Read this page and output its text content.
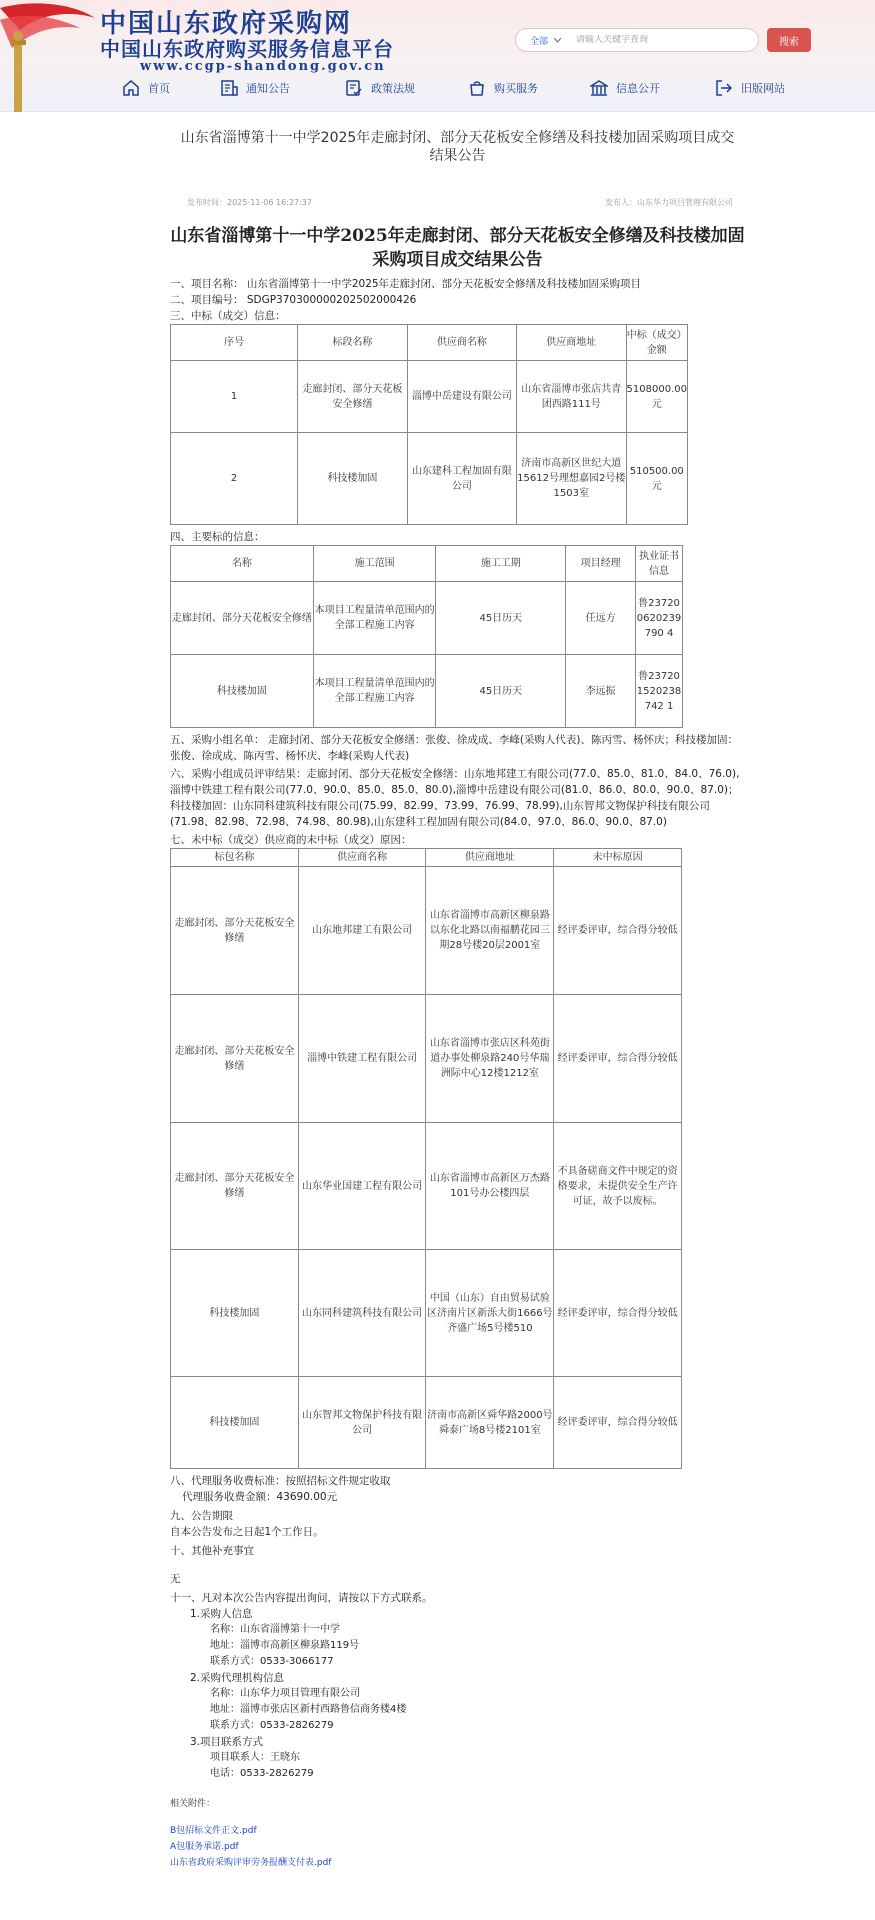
中国山东政府采购网
中国山东政府购买服务信息平台
www.ccgp-shandong.gov.cn
全部
请输入关键字查询	搜索
首页	通知公告	政策法规	购买服务	信息公开	旧版网站
山东省淄博第十一中学2025年走廊封闭、部分天花板安全修缮及科技楼加固采购项目成交结果公告
发布时间：2025-11-06 16:27:37	发布人：山东华力项目管理有限公司
山东省淄博第十一中学2025年走廊封闭、部分天花板安全修缮及科技楼加固采购项目成交结果公告
一、项目名称： 山东省淄博第十一中学2025年走廊封闭、部分天花板安全修缮及科技楼加固采购项目
二、项目编号： SDGP370300000202502000426
三、中标（成交）信息：
序号	标段名称	供应商名称	供应商地址	中标（成交）金额
1	走廊封闭、部分天花板安全修缮	淄博中岳建设有限公司	山东省淄博市张店共青团西路111号	5108000.00元
2	科技楼加固	山东建科工程加固有限公司	济南市高新区世纪大道15612号理想嘉园2号楼1503室	510500.00元
四、主要标的信息：
名称	施工范围	施工工期	项目经理	执业证书信息
走廊封闭、部分天花板安全修缮	本项目工程量清单范围内的全部工程施工内容	45日历天	任远方	鲁237200620239790 4
科技楼加固	本项目工程量清单范围内的全部工程施工内容	45日历天	李远振	鲁237201520238742 1
五、采购小组名单： 走廊封闭、部分天花板安全修缮：张俊、徐成成、李峰(采购人代表)、陈丙雪、杨怀庆；科技楼加固：张俊、徐成成、陈丙雪、杨怀庆、李峰(采购人代表)
六、采购小组成员评审结果：走廊封闭、部分天花板安全修缮：山东地邦建工有限公司(77.0、85.0、81.0、84.0、76.0),淄博中铁建工程有限公司(77.0、90.0、85.0、85.0、80.0),淄博中岳建设有限公司(81.0、86.0、80.0、90.0、87.0)；科技楼加固：山东同科建筑科技有限公司(75.99、82.99、73.99、76.99、78.99),山东智邦文物保护科技有限公司(71.98、82.98、72.98、74.98、80.98),山东建科工程加固有限公司(84.0、97.0、86.0、90.0、87.0)
七、未中标（成交）供应商的未中标（成交）原因：
标包名称	供应商名称	供应商地址	未中标原因
走廊封闭、部分天花板安全修缮	山东地邦建工有限公司	山东省淄博市高新区柳泉路以东化北路以南福鹏花园三期28号楼20层2001室	经评委评审，综合得分较低
走廊封闭、部分天花板安全修缮	淄博中铁建工程有限公司	山东省淄博市张店区科苑街道办事处柳泉路240号华瑞洲际中心12楼1212室	经评委评审，综合得分较低
走廊封闭、部分天花板安全修缮	山东华业国建工程有限公司	山东省淄博市高新区万杰路101号办公楼四层	不具备磋商文件中规定的资格要求，未提供安全生产许可证，故予以废标。
科技楼加固	山东同科建筑科技有限公司	中国（山东）自由贸易试验区济南片区新泺大街1666号齐盛广场5号楼510	经评委评审，综合得分较低
科技楼加固	山东智邦文物保护科技有限公司	济南市高新区舜华路2000号舜泰广场8号楼2101室	经评委评审，综合得分较低
八、代理服务收费标准：按照招标文件规定收取
代理服务收费金额：43690.00元
九、公告期限
自本公告发布之日起1个工作日。
十、其他补充事宜
无
十一、凡对本次公告内容提出询问，请按以下方式联系。
1.采购人信息
名称：山东省淄博第十一中学
地址：淄博市高新区柳泉路119号
联系方式：0533-3066177
2.采购代理机构信息
名称：山东华力项目管理有限公司
地址：淄博市张店区新村西路鲁信商务楼4楼
联系方式：0533-2826279
3.项目联系方式
项目联系人：王晓东
电话：0533-2826279
相关附件：
B包招标文件正文.pdf
A包服务承诺.pdf
山东省政府采购评审劳务报酬支付表.pdf
